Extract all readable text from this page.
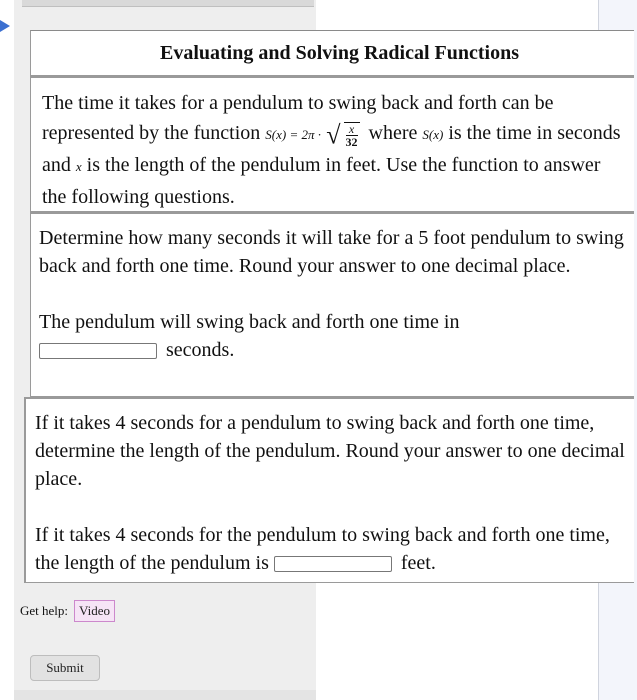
Evaluating and Solving Radical Functions
The time it takes for a pendulum to swing back and forth can be represented by the function S(x) = 2π · √ $\frac{x}{32}$ where S(x) is the time in seconds and x is the length of the pendulum in feet. Use the function to answer the following questions.
Determine how many seconds it will take for a 5 foot pendulum to swing back and forth one time. Round your answer to one decimal place.
The pendulum will swing back and forth one time in
seconds.
If it takes 4 seconds for a pendulum to swing back and forth one time, determine the length of the pendulum. Round your answer to one decimal place.
If it takes 4 seconds for the pendulum to swing back and forth one time, the length of the pendulum is	feet.
Get help: Video
Submit
